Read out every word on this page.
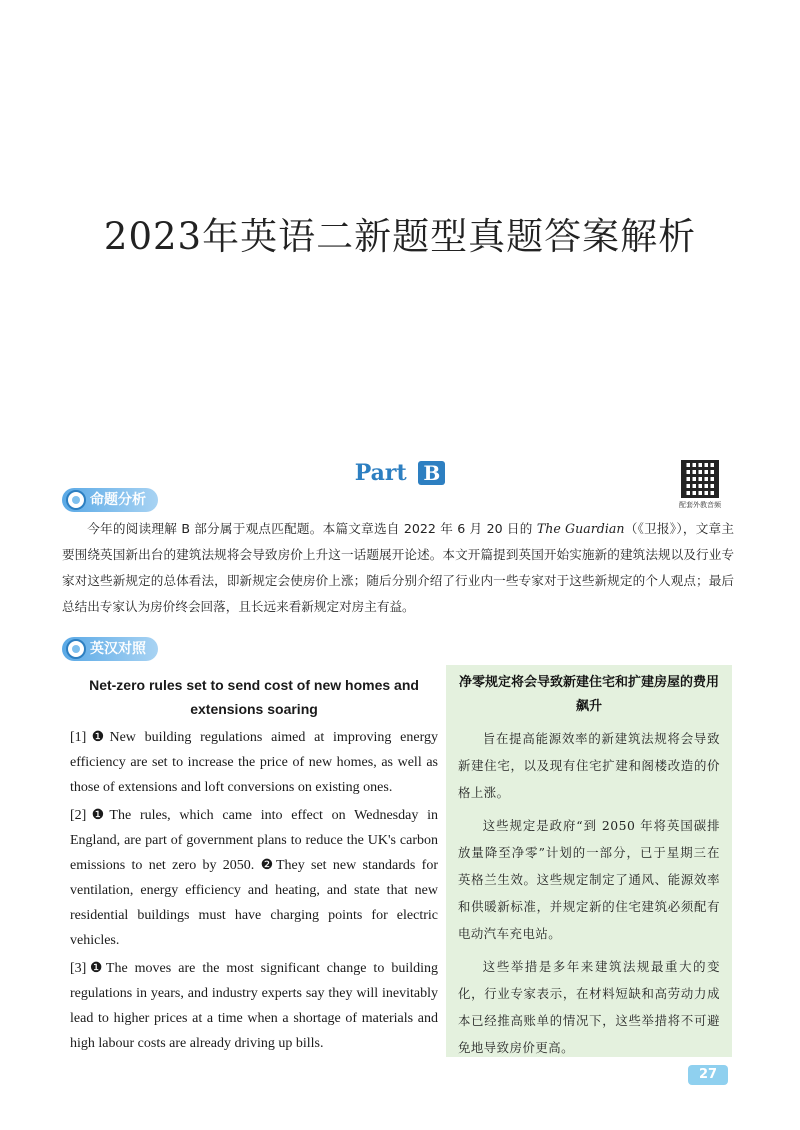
2023年英语二新题型真题答案解析
Part B
配套外教音频
命题分析
今年的阅读理解 B 部分属于观点匹配题。本篇文章选自 2022 年 6 月 20 日的 The Guardian（《卫报》），文章主要围绕英国新出台的建筑法规将会导致房价上升这一话题展开论述。本文开篇提到英国开始实施新的建筑法规以及行业专家对这些新规定的总体看法，即新规定会使房价上涨；随后分别介绍了行业内一些专家对于这些新规定的个人观点；最后总结出专家认为房价终会回落，且长远来看新规定对房主有益。
英汉对照
Net-zero rules set to send cost of new homes and extensions soaring

[1]❶New building regulations aimed at improving energy efficiency are set to increase the price of new homes, as well as those of extensions and loft conversions on existing ones.

[2]❶The rules, which came into effect on Wednesday in England, are part of government plans to reduce the UK's carbon emissions to net zero by 2050. ❷They set new standards for ventilation, energy efficiency and heating, and state that new residential buildings must have charging points for electric vehicles.

[3]❶The moves are the most significant change to building regulations in years, and industry experts say they will inevitably lead to higher prices at a time when a shortage of materials and high labour costs are already driving up bills.

净零规定将会导致新建住宅和扩建房屋的费用飙升

旨在提高能源效率的新建筑法规将会导致新建住宅，以及现有住宅扩建和阁楼改造的价格上涨。

这些规定是政府“到 2050 年将英国碳排放量降至净零”计划的一部分，已于星期三在英格兰生效。这些规定制定了通风、能源效率和供暖新标准，并规定新的住宅建筑必须配有电动汽车充电站。

这些举措是多年来建筑法规最重大的变化，行业专家表示，在材料短缺和高劳动力成本已经推高账单的情况下，这些举措将不可避免地导致房价更高。

27
